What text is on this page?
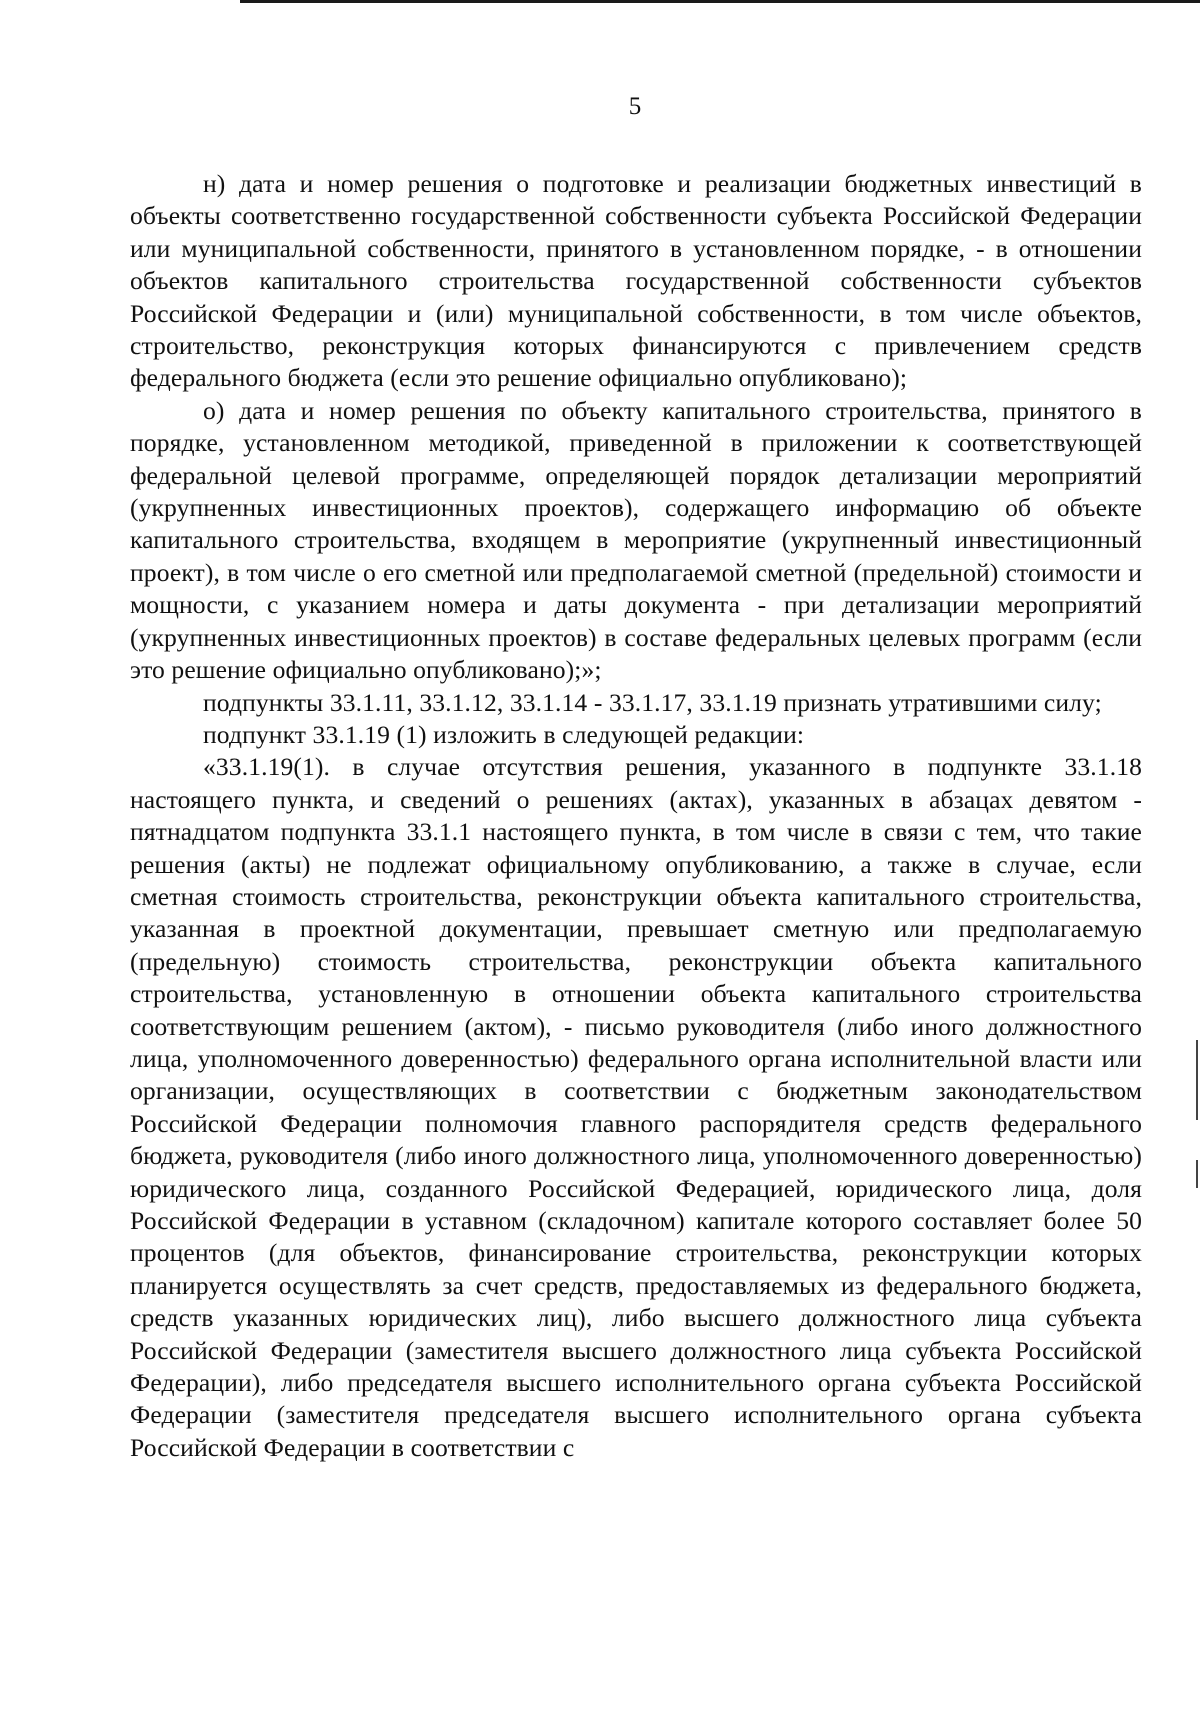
5

н) дата и номер решения о подготовке и реализации бюджетных инвестиций в объекты соответственно государственной собственности субъекта Российской Федерации или муниципальной собственности, принятого в установленном порядке, - в отношении объектов капитального строительства государственной собственности субъектов Российской Федерации и (или) муниципальной собственности, в том числе объектов, строительство, реконструкция которых финансируются с привлечением средств федерального бюджета (если это решение официально опубликовано);

о) дата и номер решения по объекту капитального строительства, принятого в порядке, установленном методикой, приведенной в приложении к соответствующей федеральной целевой программе, определяющей порядок детализации мероприятий (укрупненных инвестиционных проектов), содержащего информацию об объекте капитального строительства, входящем в мероприятие (укрупненный инвестиционный проект), в том числе о его сметной или предполагаемой сметной (предельной) стоимости и мощности, с указанием номера и даты документа - при детализации мероприятий (укрупненных инвестиционных проектов) в составе федеральных целевых программ (если это решение официально опубликовано);»;

подпункты 33.1.11, 33.1.12, 33.1.14 - 33.1.17, 33.1.19 признать утратившими силу;

подпункт 33.1.19 (1) изложить в следующей редакции:

«33.1.19(1). в случае отсутствия решения, указанного в подпункте 33.1.18 настоящего пункта, и сведений о решениях (актах), указанных в абзацах девятом - пятнадцатом подпункта 33.1.1 настоящего пункта, в том числе в связи с тем, что такие решения (акты) не подлежат официальному опубликованию, а также в случае, если сметная стоимость строительства, реконструкции объекта капитального строительства, указанная в проектной документации, превышает сметную или предполагаемую (предельную) стоимость строительства, реконструкции объекта капитального строительства, установленную в отношении объекта капитального строительства соответствующим решением (актом), - письмо руководителя (либо иного должностного лица, уполномоченного доверенностью) федерального органа исполнительной власти или организации, осуществляющих в соответствии с бюджетным законодательством Российской Федерации полномочия главного распорядителя средств федерального бюджета, руководителя (либо иного должностного лица, уполномоченного доверенностью) юридического лица, созданного Российской Федерацией, юридического лица, доля Российской Федерации в уставном (складочном) капитале которого составляет более 50 процентов (для объектов, финансирование строительства, реконструкции которых планируется осуществлять за счет средств, предоставляемых из федерального бюджета, средств указанных юридических лиц), либо высшего должностного лица субъекта Российской Федерации (заместителя высшего должностного лица субъекта Российской Федерации), либо председателя высшего исполнительного органа субъекта Российской Федерации (заместителя председателя высшего исполнительного органа субъекта Российской Федерации в соответствии с
